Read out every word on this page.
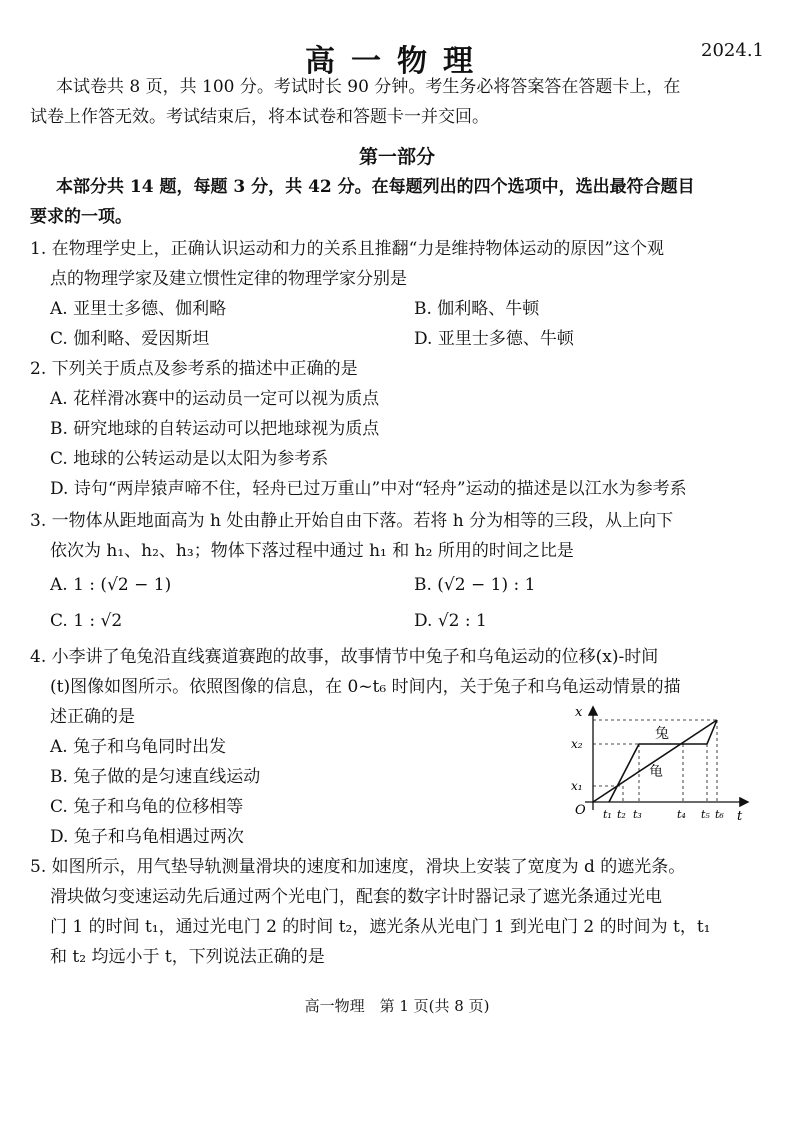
高一物理	2024.1
本试卷共 8 页，共 100 分。考试时长 90 分钟。考生务必将答案答在答题卡上，在
试卷上作答无效。考试结束后，将本试卷和答题卡一并交回。
第一部分
本部分共 14 题，每题 3 分，共 42 分。在每题列出的四个选项中，选出最符合题目
要求的一项。
1. 在物理学史上，正确认识运动和力的关系且推翻“力是维持物体运动的原因”这个观
点的物理学家及建立惯性定律的物理学家分别是
A. 亚里士多德、伽利略	B. 伽利略、牛顿
C. 伽利略、爱因斯坦	D. 亚里士多德、牛顿
2. 下列关于质点及参考系的描述中正确的是
A. 花样滑冰赛中的运动员一定可以视为质点
B. 研究地球的自转运动可以把地球视为质点
C. 地球的公转运动是以太阳为参考系
D. 诗句“两岸猿声啼不住，轻舟已过万重山”中对“轻舟”运动的描述是以江水为参考系
3. 一物体从距地面高为 h 处由静止开始自由下落。若将 h 分为相等的三段，从上向下
依次为 h₁、h₂、h₃；物体下落过程中通过 h₁ 和 h₂ 所用的时间之比是
A. 1 : (√2 − 1)	B. (√2 − 1) : 1
C. 1 : √2	D. √2 : 1
4. 小李讲了龟兔沿直线赛道赛跑的故事，故事情节中兔子和乌龟运动的位移(x)-时间
(t)图像如图所示。依照图像的信息，在 0~t₆ 时间内，关于兔子和乌龟运动情景的描
述正确的是
A. 兔子和乌龟同时出发
B. 兔子做的是匀速直线运动
C. 兔子和乌龟的位移相等
D. 兔子和乌龟相遇过两次
x
t
O
x₂
x₁
t₁ t₂ t₃	t₄ t₅ t₆
兔
龟
5. 如图所示，用气垫导轨测量滑块的速度和加速度，滑块上安装了宽度为 d 的遮光条。
滑块做匀变速运动先后通过两个光电门，配套的数字计时器记录了遮光条通过光电
门 1 的时间 t₁，通过光电门 2 的时间 t₂，遮光条从光电门 1 到光电门 2 的时间为 t，t₁
和 t₂ 均远小于 t，下列说法正确的是
高一物理　第 1 页(共 8 页)
